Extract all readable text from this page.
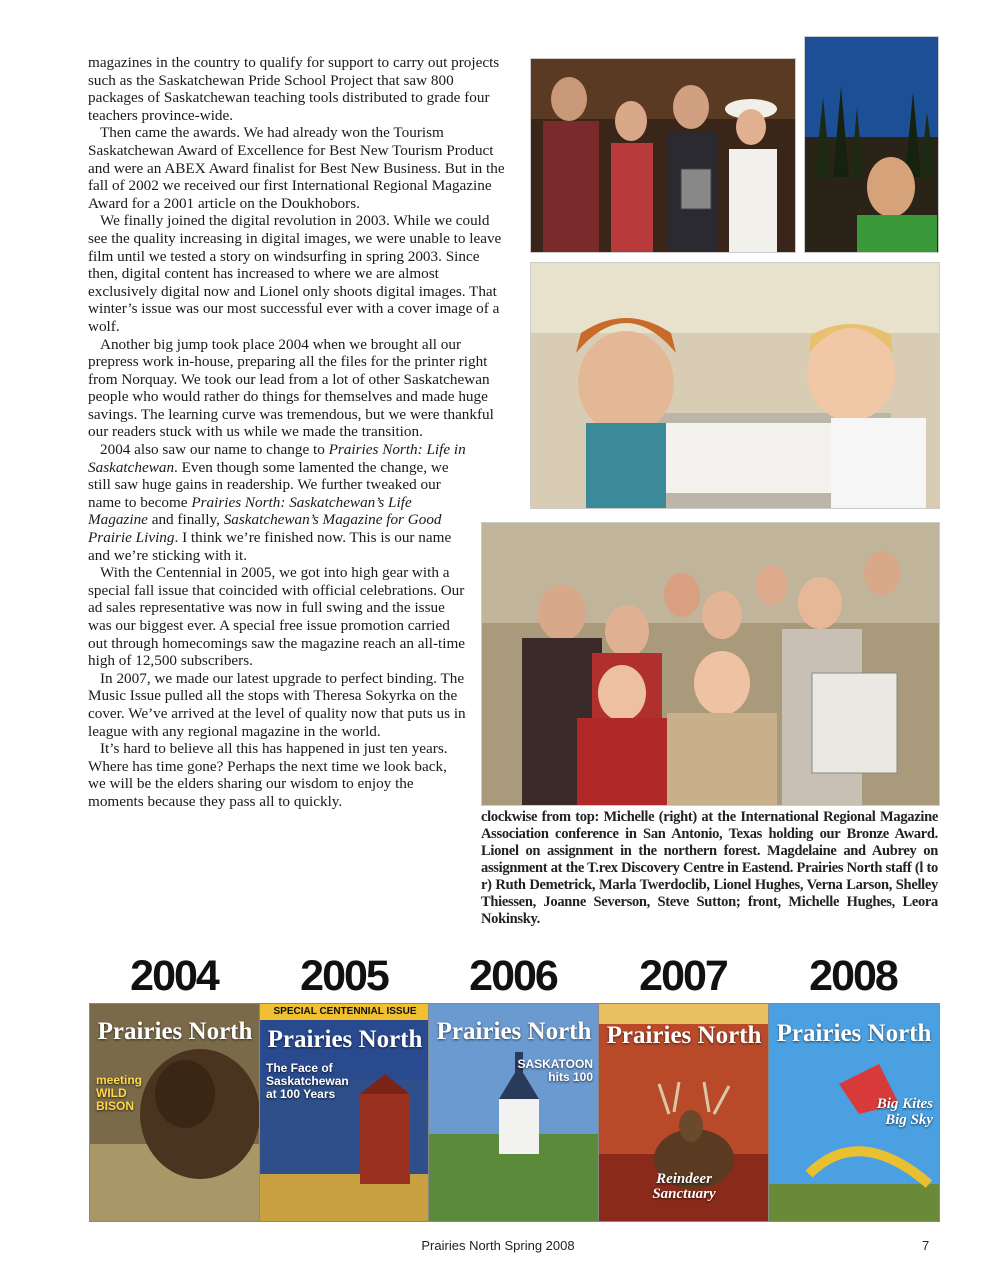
magazines in the country to qualify for support to carry out projects such as the Saskatchewan Pride School Project that saw 800 packages of Saskatchewan teaching tools distributed to grade four teachers province-wide.

Then came the awards. We had already won the Tourism Saskatchewan Award of Excellence for Best New Tourism Product and were an ABEX Award finalist for Best New Business. But in the fall of 2002 we received our first International Regional Magazine Award for a 2001 article on the Doukhobors.

We finally joined the digital revolution in 2003. While we could see the quality increasing in digital images, we were unable to leave film until we tested a story on windsurfing in spring 2003. Since then, digital content has increased to where we are almost exclusively digital now and Lionel only shoots digital images. That winter’s issue was our most successful ever with a cover image of a wolf.

Another big jump took place 2004 when we brought all our prepress work in-house, preparing all the files for the printer right from Norquay. We took our lead from a lot of other Saskatchewan people who would rather do things for themselves and made huge savings. The learning curve was tremendous, but we were thankful our readers stuck with us while we made the transition.

2004 also saw our name to change to Prairies North: Life in Saskatchewan. Even though some lamented the change, we still saw huge gains in readership. We further tweaked our name to become Prairies North: Saskatchewan’s Life Magazine and finally, Saskatchewan’s Magazine for Good Prairie Living. I think we’re finished now. This is our name and we’re sticking with it.

With the Centennial in 2005, we got into high gear with a special fall issue that coincided with official celebrations. Our ad sales representative was now in full swing and the issue was our biggest ever. A special free issue promotion carried out through homecomings saw the magazine reach an all-time high of 12,500 subscribers.

In 2007, we made our latest upgrade to perfect binding. The Music Issue pulled all the stops with Theresa Sokyrka on the cover. We’ve arrived at the level of quality now that puts us in league with any regional magazine in the world.

It’s hard to believe all this has happened in just ten years. Where has time gone? Perhaps the next time we look back, we will be the elders sharing our wisdom to enjoy the moments because they pass all to quickly.

clockwise from top: Michelle (right) at the International Regional Magazine Association conference in San Antonio, Texas holding our Bronze Award. Lionel on assignment in the northern forest. Magdelaine and Aubrey on assignment at the T.rex Discovery Centre in Eastend. Prairies North staff (l to r) Ruth Demetrick, Marla Twerdoclib, Lionel Hughes, Verna Larson, Shelley Thiessen, Joanne Severson, Steve Sutton; front, Michelle Hughes, Leora Nokinsky.
2004	2005	2006	2007	2008
Prairies North
meeting
WILD
BISON
SPECIAL CENTENNIAL ISSUE
Prairies North
The Face of
Saskatchewan
at 100 Years
Prairies North
SASKATOON
hits 100
Prairies North
Reindeer
Sanctuary
Prairies North
Big Kites
Big Sky
Prairies North Spring 2008	7
